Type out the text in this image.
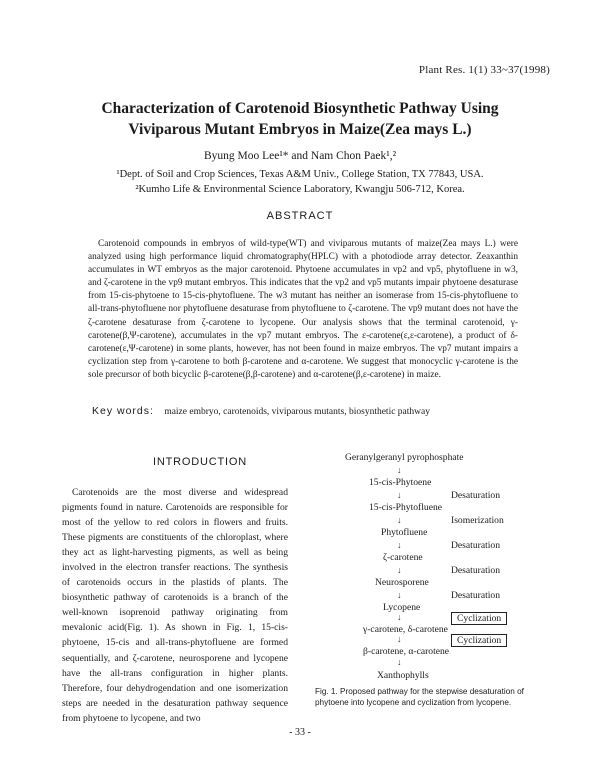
Plant Res. 1(1) 33~37(1998)
Characterization of Carotenoid Biosynthetic Pathway Using
Viviparous Mutant Embryos in Maize(Zea mays L.)
Byung Moo Lee¹* and Nam Chon Paek¹,²
¹Dept. of Soil and Crop Sciences, Texas A&M Univ., College Station, TX 77843, USA.
²Kumho Life & Environmental Science Laboratory, Kwangju 506-712, Korea.
ABSTRACT
Carotenoid compounds in embryos of wild-type(WT) and viviparous mutants of maize(Zea mays L.) were analyzed using high performance liquid chromatography(HPLC) with a photodiode array detector. Zeaxanthin accumulates in WT embryos as the major carotenoid. Phytoene accumulates in vp2 and vp5, phytofluene in w3, and ζ-carotene in the vp9 mutant embryos. This indicates that the vp2 and vp5 mutants impair phytoene desaturase from 15-cis-phytoene to 15-cis-phytofluene. The w3 mutant has neither an isomerase from 15-cis-phytofluene to all-trans-phytofluene nor phytofluene desaturase from phytofluene to ζ-carotene. The vp9 mutant does not have the ζ-carotene desaturase from ζ-carotene to lycopene. Our analysis shows that the terminal carotenoid, γ-carotene(β,Ψ-carotene), accumulates in the vp7 mutant embryos. The ε-carotene(ε,ε-carotene), a product of δ-carotene(ε,Ψ-carotene) in some plants, however, has not been found in maize embryos. The vp7 mutant impairs a cyclization step from γ-carotene to both β-carotene and α-carotene. We suggest that monocyclic γ-carotene is the sole precursor of both bicyclic β-carotene(β,β-carotene) and α-carotene(β,ε-carotene) in maize.
Key words: maize embryo, carotenoids, viviparous mutants, biosynthetic pathway
INTRODUCTION
Carotenoids are the most diverse and widespread pigments found in nature. Carotenoids are responsible for most of the yellow to red colors in flowers and fruits. These pigments are constituents of the chloroplast, where they act as light-harvesting pigments, as well as being involved in the electron transfer reactions. The synthesis of carotenoids occurs in the plastids of plants. The biosynthetic pathway of carotenoids is a branch of the well-known isoprenoid pathway originating from mevalonic acid(Fig. 1). As shown in Fig. 1, 15-cis-phytoene, 15-cis and all-trans-phytofluene are formed sequentially, and ζ-carotene, neurosporene and lycopene have the all-trans configuration in higher plants. Therefore, four dehydrogendation and one isomerization steps are needed in the desaturation pathway sequence from phytoene to lycopene, and two
Geranylgeranyl pyrophosphate
↓
15-cis-Phytoene
Desaturation
↓
15-cis-Phytofluene
Isomerization
↓
Phytofluene
Desaturation
↓
ζ-carotene
Desaturation
↓
Neurosporene
Desaturation
↓
Lycopene
Cyclization
↓
γ-carotene, δ-carotene
Cyclization
↓
β-carotene, α-carotene
↓
Xanthophylls
Fig. 1. Proposed pathway for the stepwise desaturation of phytoene into lycopene and cyclization from lycopene.
- 33 -
